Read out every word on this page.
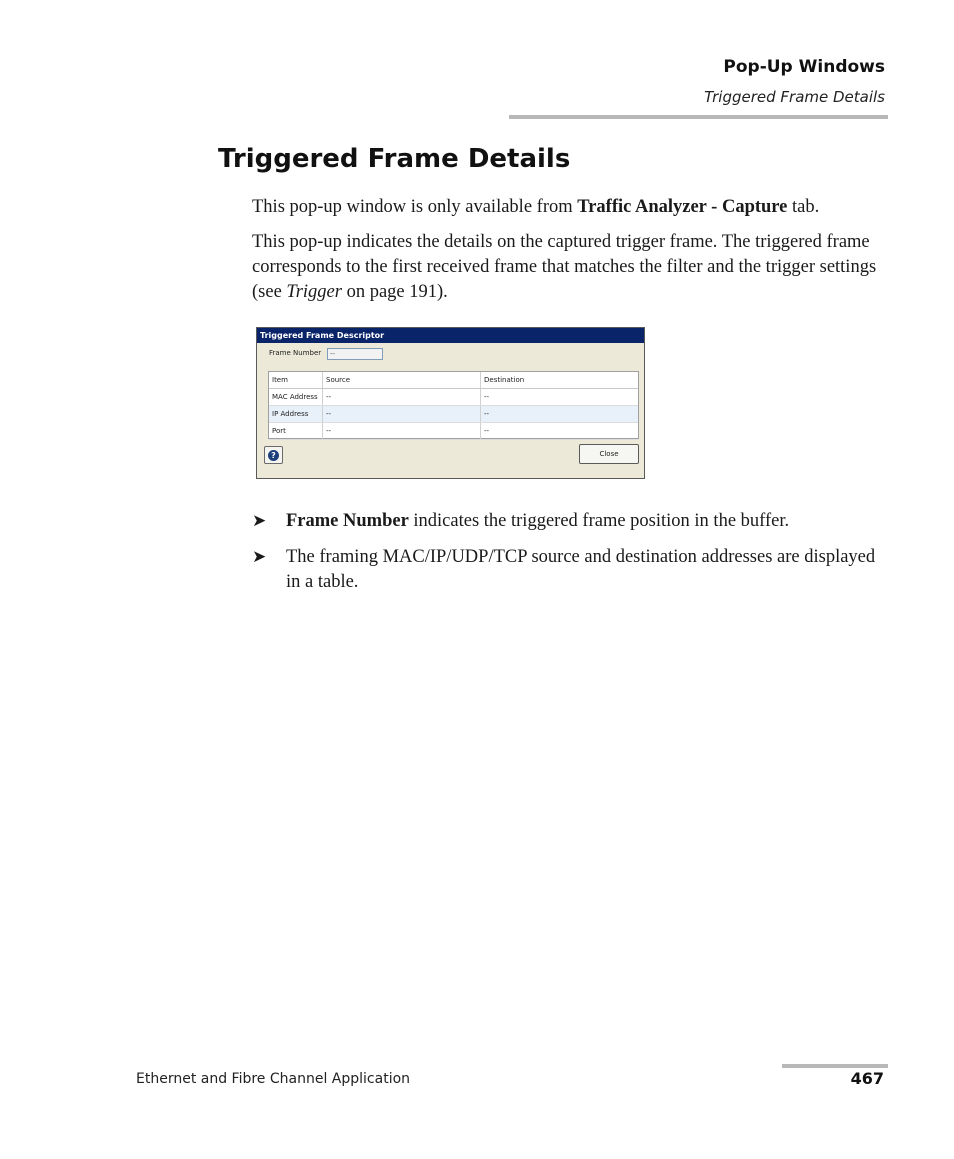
Pop-Up Windows
Triggered Frame Details
Triggered Frame Details

This pop-up window is only available from Traffic Analyzer - Capture tab.

This pop-up indicates the details on the captured trigger frame. The triggered frame corresponds to the first received frame that matches the filter and the trigger settings (see Trigger on page 191).

Triggered Frame Descriptor
Frame Number	--
Item	Source	Destination
MAC Address	--	--
IP Address	--	--
Port	--	--
?	Close
➤ Frame Number indicates the triggered frame position in the buffer.
➤ The framing MAC/IP/UDP/TCP source and destination addresses are displayed in a table.
Ethernet and Fibre Channel Application	467
